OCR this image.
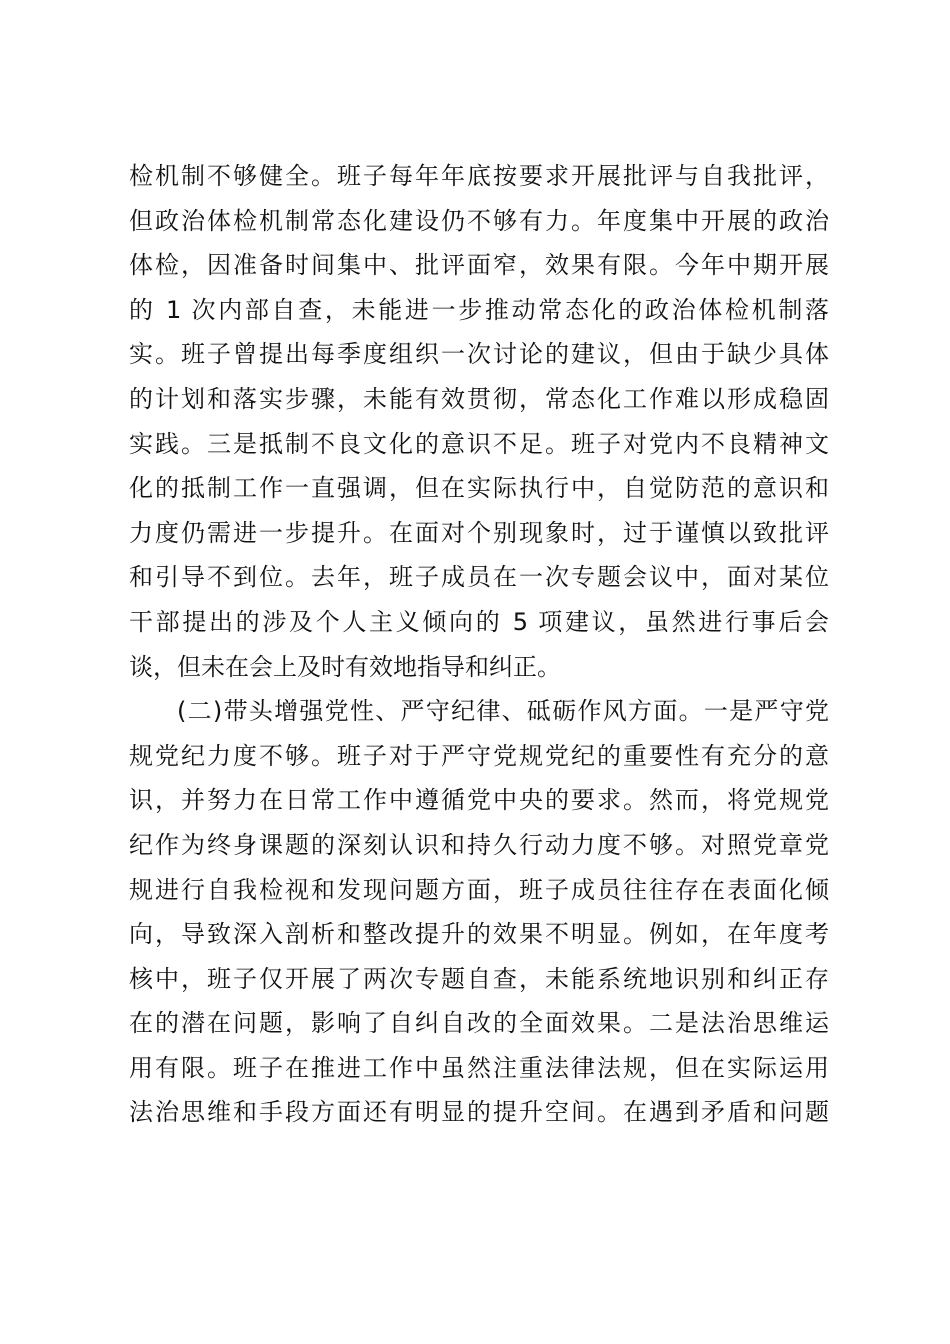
检机制不够健全。班子每年年底按要求开展批评与自我批评，
但政治体检机制常态化建设仍不够有力。年度集中开展的政治
体检，因准备时间集中、批评面窄，效果有限。今年中期开展
的 1 次内部自查，未能进一步推动常态化的政治体检机制落
实。班子曾提出每季度组织一次讨论的建议，但由于缺少具体
的计划和落实步骤，未能有效贯彻，常态化工作难以形成稳固
实践。三是抵制不良文化的意识不足。班子对党内不良精神文
化的抵制工作一直强调，但在实际执行中，自觉防范的意识和
力度仍需进一步提升。在面对个别现象时，过于谨慎以致批评
和引导不到位。去年，班子成员在一次专题会议中，面对某位
干部提出的涉及个人主义倾向的 5 项建议，虽然进行事后会
谈，但未在会上及时有效地指导和纠正。
(二)带头增强党性、严守纪律、砥砺作风方面。一是严守党
规党纪力度不够。班子对于严守党规党纪的重要性有充分的意
识，并努力在日常工作中遵循党中央的要求。然而，将党规党
纪作为终身课题的深刻认识和持久行动力度不够。对照党章党
规进行自我检视和发现问题方面，班子成员往往存在表面化倾
向，导致深入剖析和整改提升的效果不明显。例如，在年度考
核中，班子仅开展了两次专题自查，未能系统地识别和纠正存
在的潜在问题，影响了自纠自改的全面效果。二是法治思维运
用有限。班子在推进工作中虽然注重法律法规，但在实际运用
法治思维和手段方面还有明显的提升空间。在遇到矛盾和问题
